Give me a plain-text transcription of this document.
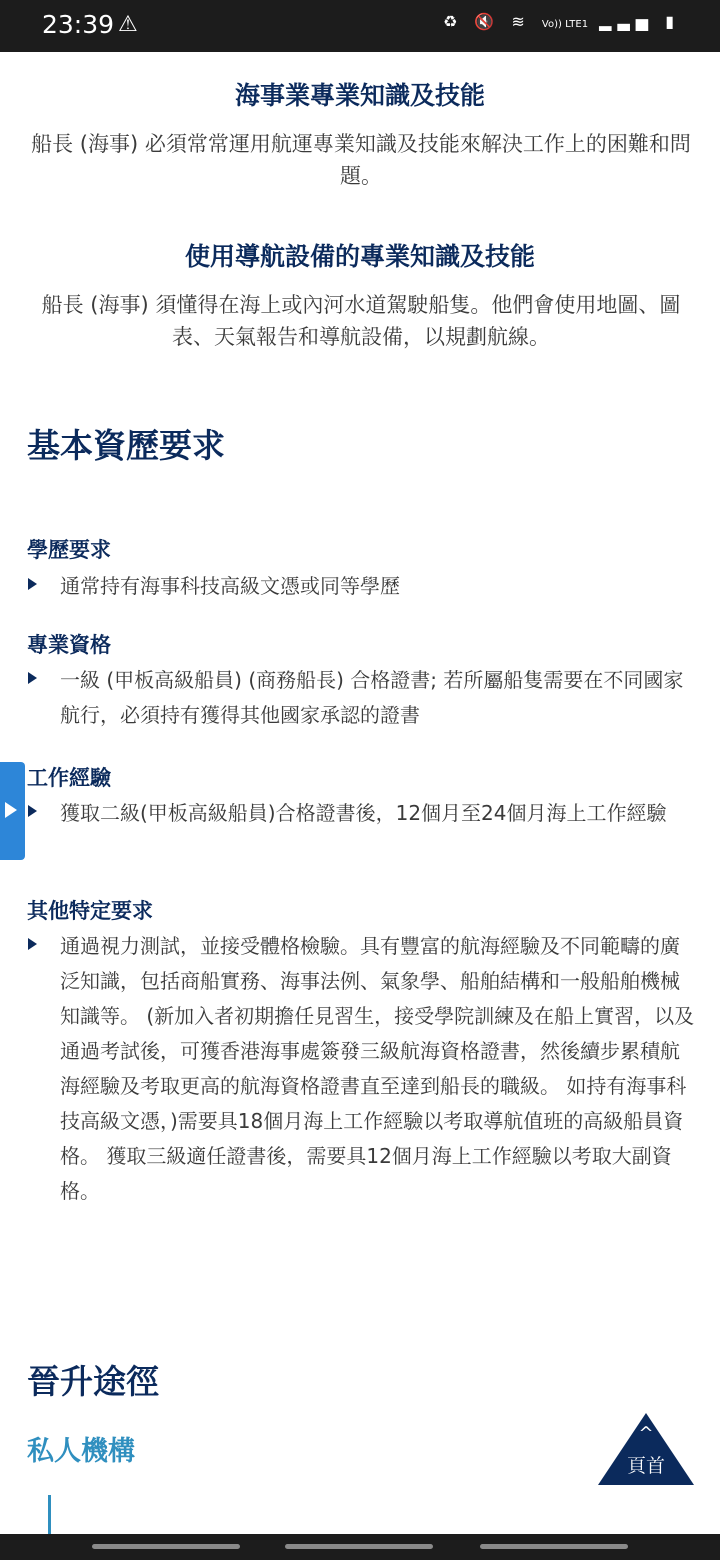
23:39 ⚠	♻ 🔇 ≋ Vo)) LTE1 ▂▃▅ ▮
海事業專業知識及技能
船長 (海事) 必須常常運用航運專業知識及技能來解決工作上的困難和問題。
使用導航設備的專業知識及技能
船長 (海事) 須懂得在海上或內河水道駕駛船隻。他們會使用地圖、圖表、天氣報告和導航設備，以規劃航線。
基本資歷要求
學歷要求
通常持有海事科技高級文憑或同等學歷
專業資格
一級 (甲板高級船員) (商務船長) 合格證書; 若所屬船隻需要在不同國家航行，必須持有獲得其他國家承認的證書
工作經驗
獲取二級(甲板高級船員)合格證書後，12個月至24個月海上工作經驗
其他特定要求
通過視力測試，並接受體格檢驗。具有豐富的航海經驗及不同範疇的廣泛知識，包括商船實務、海事法例、氣象學、船舶結構和一般船舶機械知識等。 (新加入者初期擔任見習生，接受學院訓練及在船上實習，以及通過考試後，可獲香港海事處簽發三級航海資格證書，然後續步累積航海經驗及考取更高的航海資格證書直至達到船長的職級。 如持有海事科技高級文憑，)需要具18個月海上工作經驗以考取導航值班的高級船員資格。 獲取三級適任證書後，需要具12個月海上工作經驗以考取大副資格。
晉升途徑
私人機構
^
頁首
